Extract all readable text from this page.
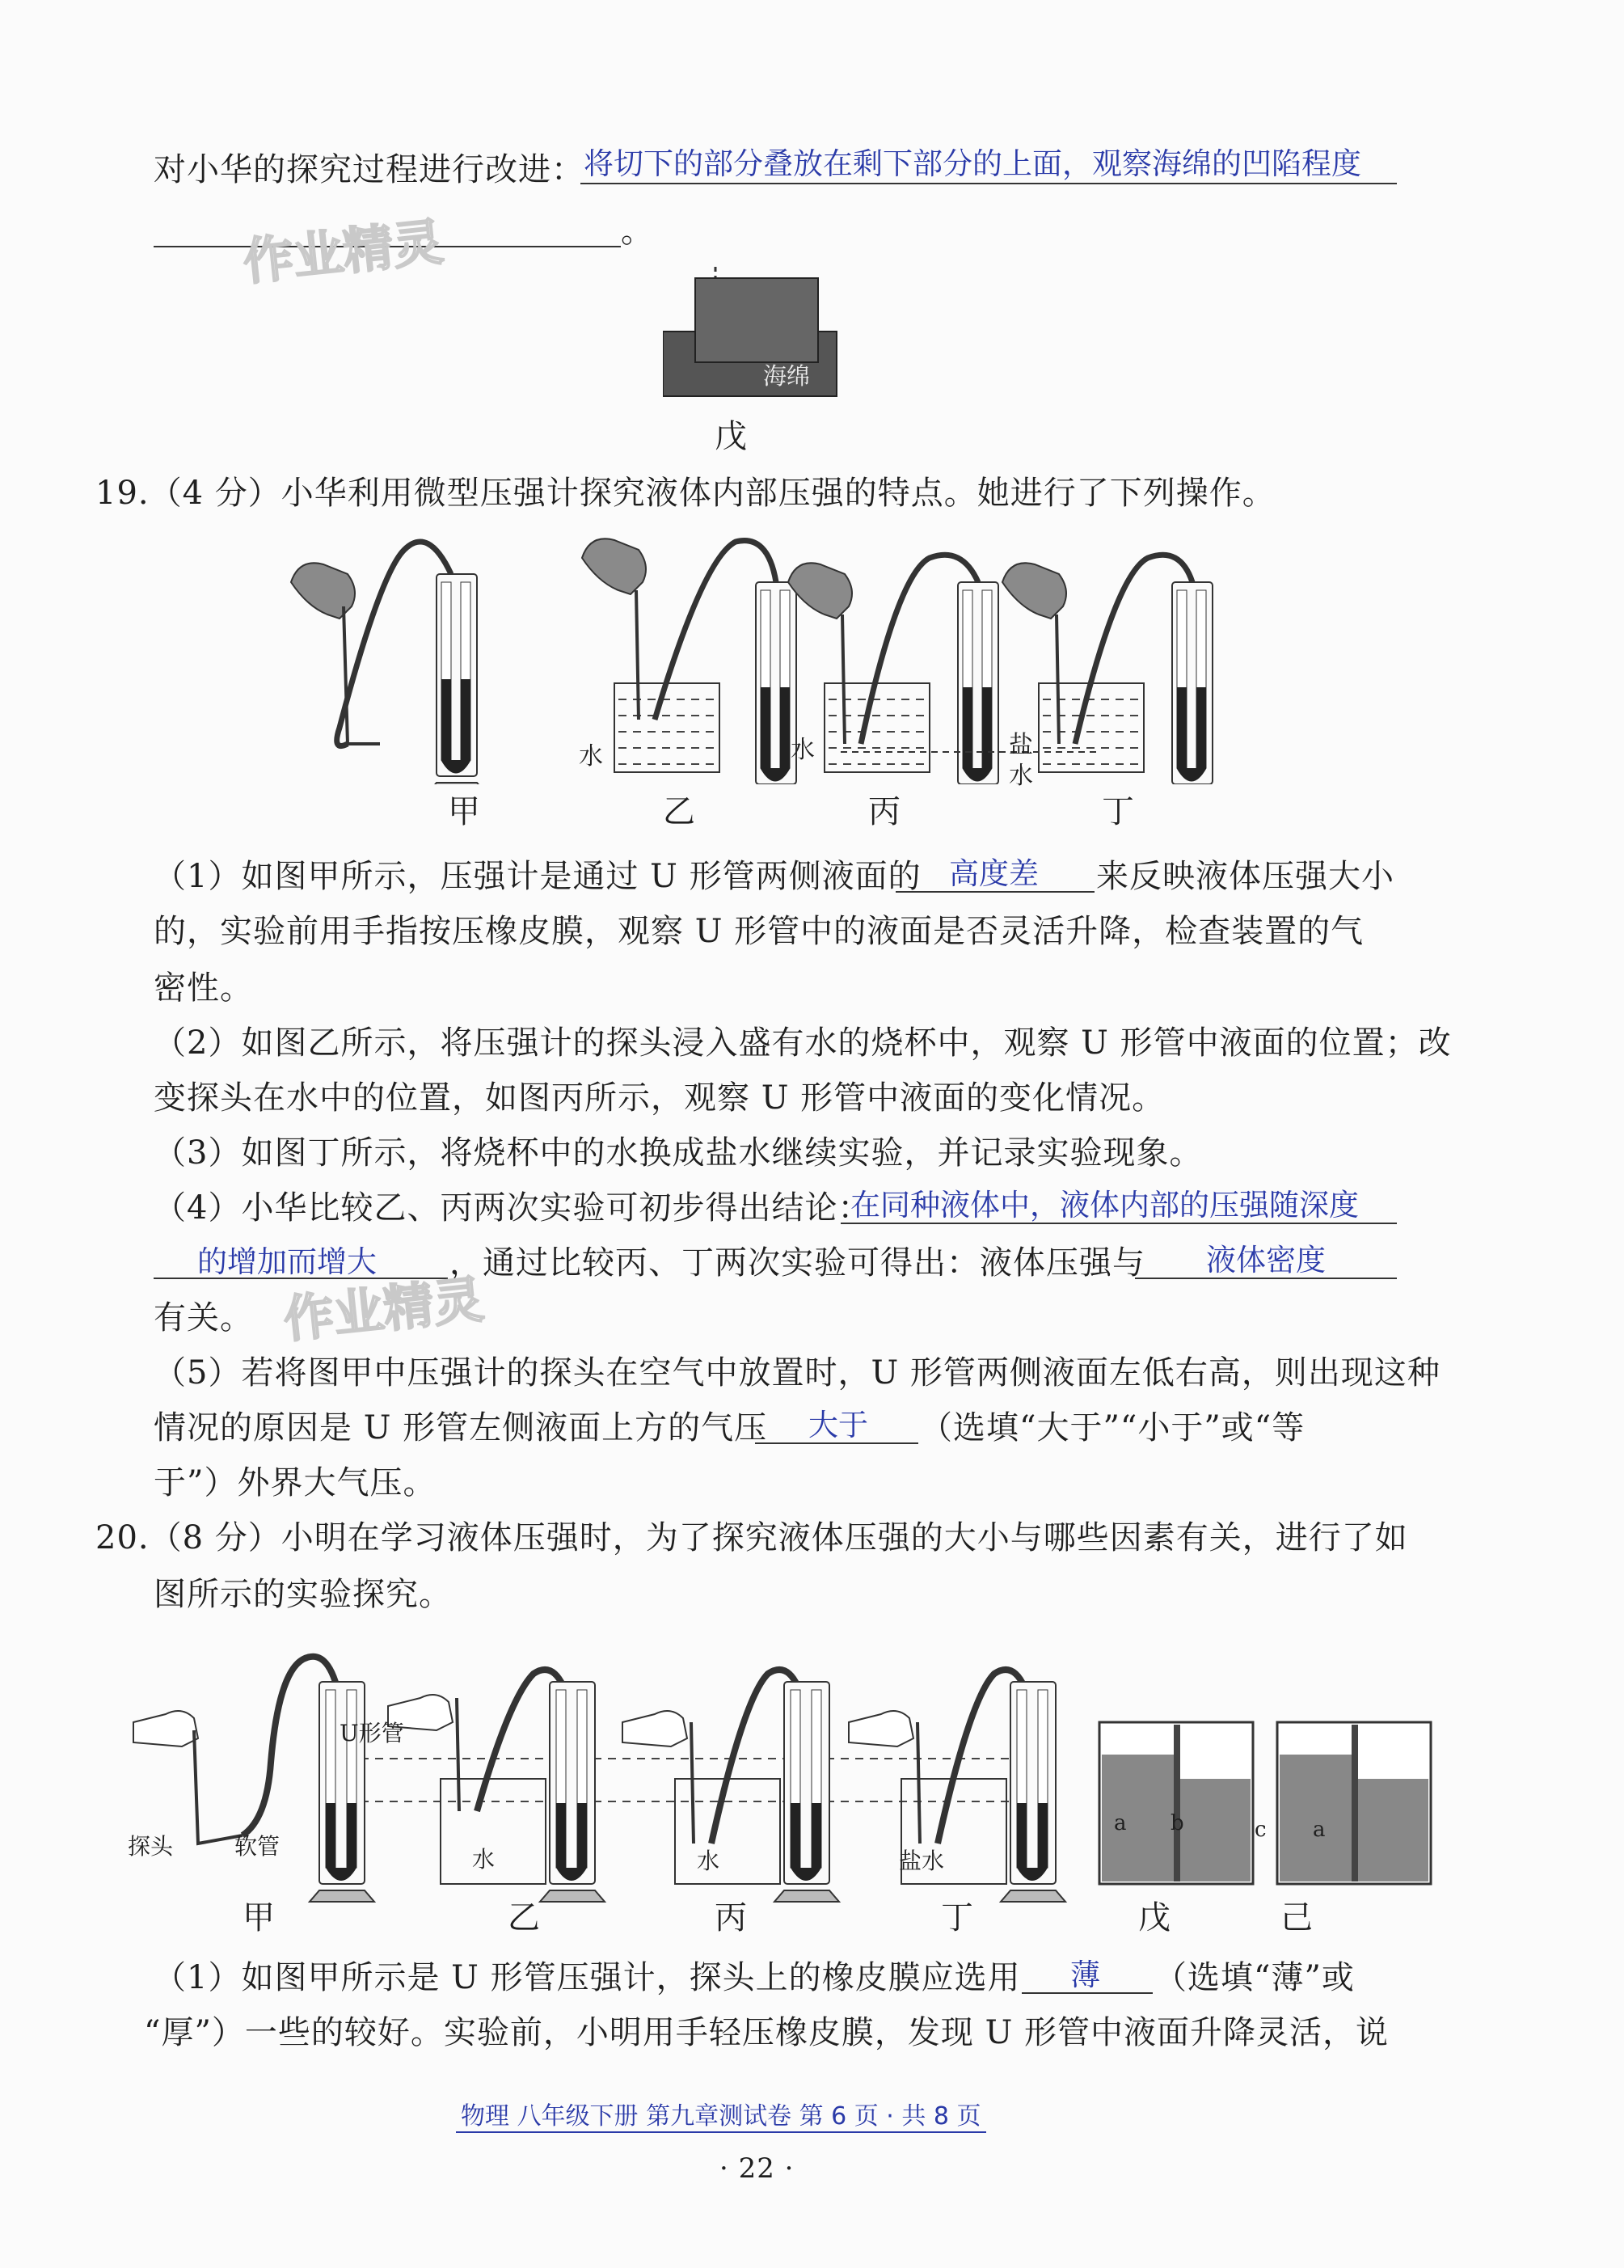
对小华的探究过程进行改进： 将切下的部分叠放在剩下部分的上面，观察海绵的凹陷程度
。
作业精灵
海绵
戊
19.（4 分）小华利用微型压强计探究液体内部压强的特点。她进行了下列操作。
水	水	盐
水
甲	乙	丙	丁
（1）如图甲所示，压强计是通过 U 形管两侧液面的 高度差 来反映液体压强大小
的，实验前用手指按压橡皮膜，观察 U 形管中的液面是否灵活升降，检查装置的气
密性。
（2）如图乙所示，将压强计的探头浸入盛有水的烧杯中，观察 U 形管中液面的位置；改
变探头在水中的位置，如图丙所示，观察 U 形管中液面的变化情况。
（3）如图丁所示，将烧杯中的水换成盐水继续实验，并记录实验现象。
（4）小华比较乙、丙两次实验可初步得出结论：
在同种液体中，液体内部的压强随深度
的增加而增大 ，通过比较丙、丁两次实验可得出：液体压强与 液体密度
有关。 作业精灵
（5）若将图甲中压强计的探头在空气中放置时，U 形管两侧液面左低右高，则出现这种
情况的原因是 U 形管左侧液面上方的气压 大于 （选填“大于”“小于”或“等
于”）外界大气压。
20.（8 分）小明在学习液体压强时，为了探究液体压强的大小与哪些因素有关，进行了如
图所示的实验探究。
U形管
探头	软管	水	水	盐水
a b	c a
甲	乙	丙	丁	戊	己
（1）如图甲所示是 U 形管压强计，探头上的橡皮膜应选用 薄 （选填“薄”或
“厚”）一些的较好。实验前，小明用手轻压橡皮膜，发现 U 形管中液面升降灵活，说
物理 八年级下册 第九章测试卷 第 6 页 · 共 8 页
· 22 ·
